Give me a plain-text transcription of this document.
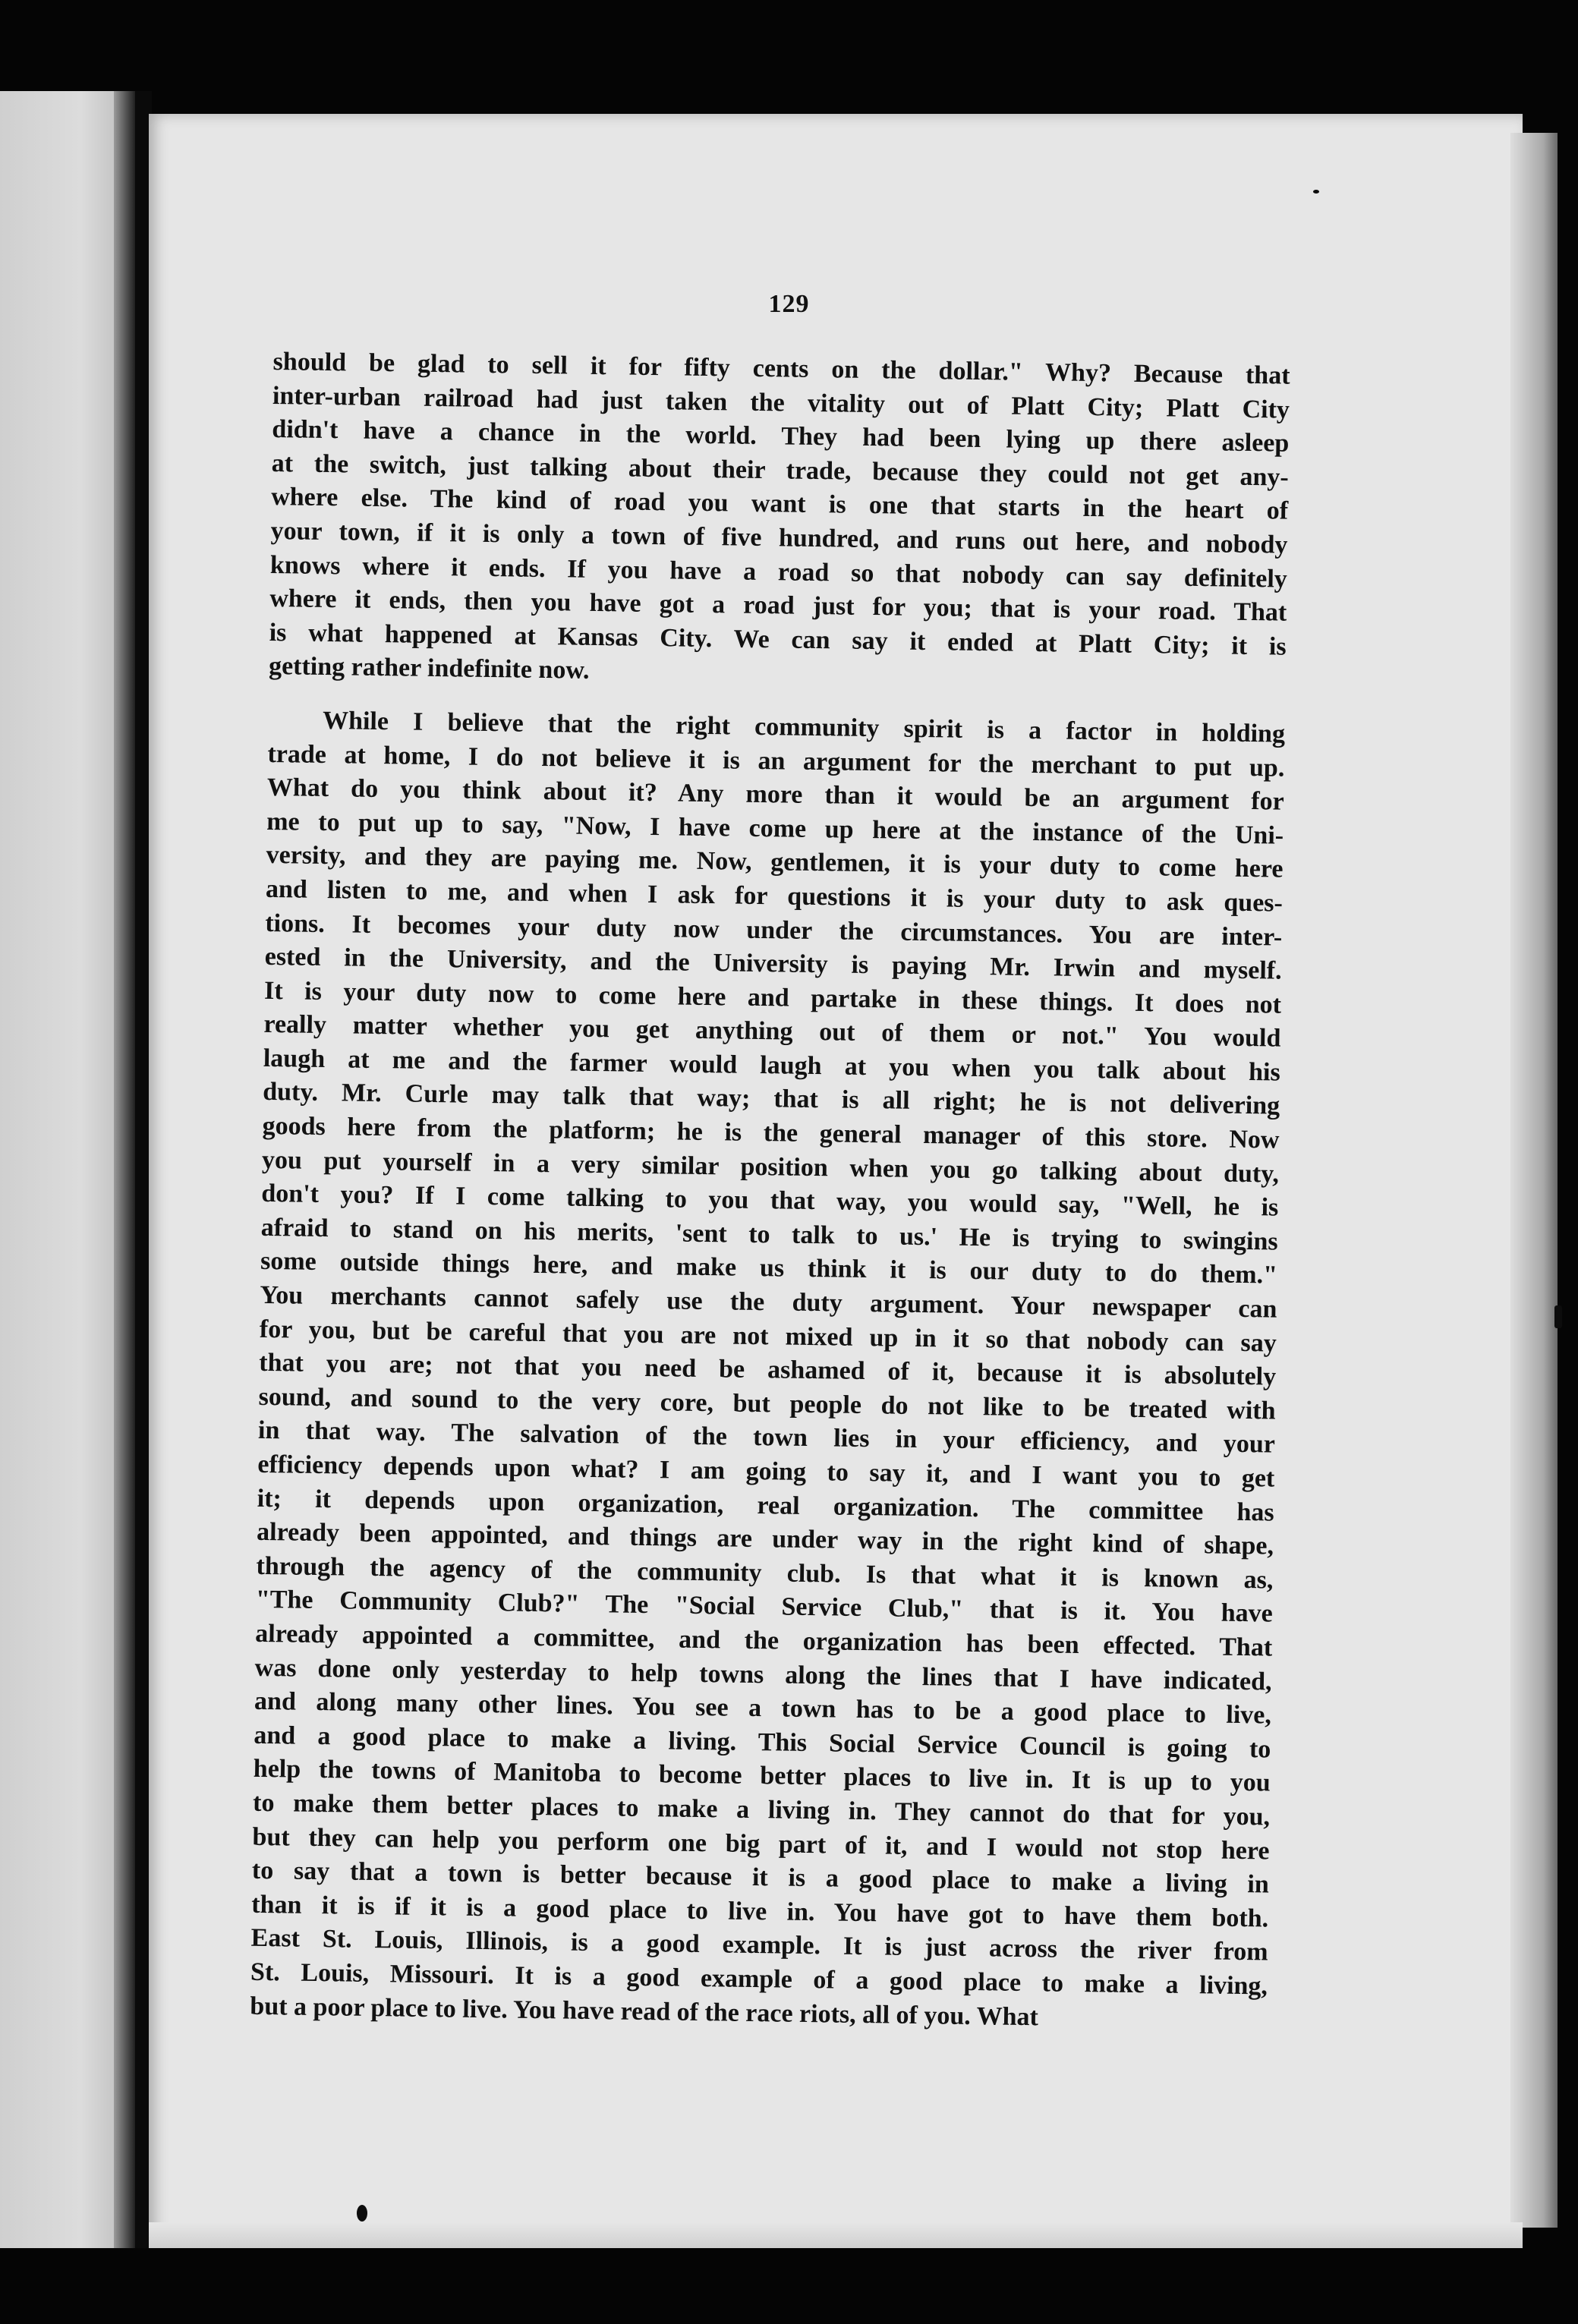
129
should be glad to sell it for fifty cents on the dollar." Why? Because that
inter-urban railroad had just taken the vitality out of Platt City; Platt City
didn't have a chance in the world. They had been lying up there asleep
at the switch, just talking about their trade, because they could not get any-
where else. The kind of road you want is one that starts in the heart of
your town, if it is only a town of five hundred, and runs out here, and nobody
knows where it ends. If you have a road so that nobody can say definitely
where it ends, then you have got a road just for you; that is your road. That
is what happened at Kansas City. We can say it ended at Platt City; it is
getting rather indefinite now.
While I believe that the right community spirit is a factor in holding
trade at home, I do not believe it is an argument for the merchant to put up.
What do you think about it? Any more than it would be an argument for
me to put up to say, "Now, I have come up here at the instance of the Uni-
versity, and they are paying me. Now, gentlemen, it is your duty to come here
and listen to me, and when I ask for questions it is your duty to ask ques-
tions. It becomes your duty now under the circumstances. You are inter-
ested in the University, and the University is paying Mr. Irwin and myself.
It is your duty now to come here and partake in these things. It does not
really matter whether you get anything out of them or not." You would
laugh at me and the farmer would laugh at you when you talk about his
duty. Mr. Curle may talk that way; that is all right; he is not delivering
goods here from the platform; he is the general manager of this store. Now
you put yourself in a very similar position when you go talking about duty,
don't you? If I come talking to you that way, you would say, "Well, he is
afraid to stand on his merits, 'sent to talk to us.' He is trying to swingins
some outside things here, and make us think it is our duty to do them."
You merchants cannot safely use the duty argument. Your newspaper can
for you, but be careful that you are not mixed up in it so that nobody can say
that you are; not that you need be ashamed of it, because it is absolutely
sound, and sound to the very core, but people do not like to be treated with
in that way. The salvation of the town lies in your efficiency, and your
efficiency depends upon what? I am going to say it, and I want you to get
it; it depends upon organization, real organization. The committee has
already been appointed, and things are under way in the right kind of shape,
through the agency of the community club. Is that what it is known as,
"The Community Club?" The "Social Service Club," that is it. You have
already appointed a committee, and the organization has been effected. That
was done only yesterday to help towns along the lines that I have indicated,
and along many other lines. You see a town has to be a good place to live,
and a good place to make a living. This Social Service Council is going to
help the towns of Manitoba to become better places to live in. It is up to you
to make them better places to make a living in. They cannot do that for you,
but they can help you perform one big part of it, and I would not stop here
to say that a town is better because it is a good place to make a living in
than it is if it is a good place to live in. You have got to have them both.
East St. Louis, Illinois, is a good example. It is just across the river from
St. Louis, Missouri. It is a good example of a good place to make a living,
but a poor place to live. You have read of the race riots, all of you. What
